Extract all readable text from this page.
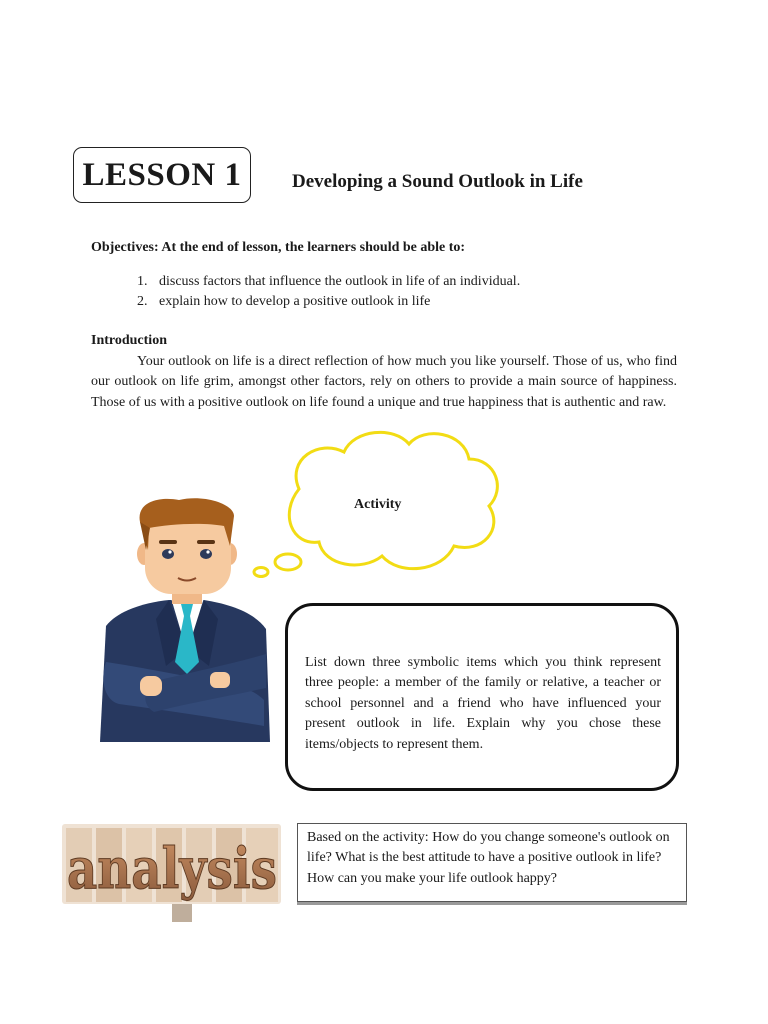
LESSON 1	Developing a Sound Outlook in Life
Objectives: At the end of lesson, the learners should be able to:
1. discuss factors that influence the outlook in life of an individual.
2. explain how to develop a positive outlook in life
Introduction
Your outlook on life is a direct reflection of how much you like yourself. Those of us, who find our outlook on life grim, amongst other factors, rely on others to provide a main source of happiness. Those of us with a positive outlook on life found a unique and true happiness that is authentic and raw.
Activity
List down three symbolic items which you think represent three people: a member of the family or relative, a teacher or school personnel and a friend who have influenced your present outlook in life. Explain why you chose these items/objects to represent them.
analysis Based on the activity: How do you change someone's outlook on life? What is the best attitude to have a positive outlook in life? How can you make your life outlook happy?
